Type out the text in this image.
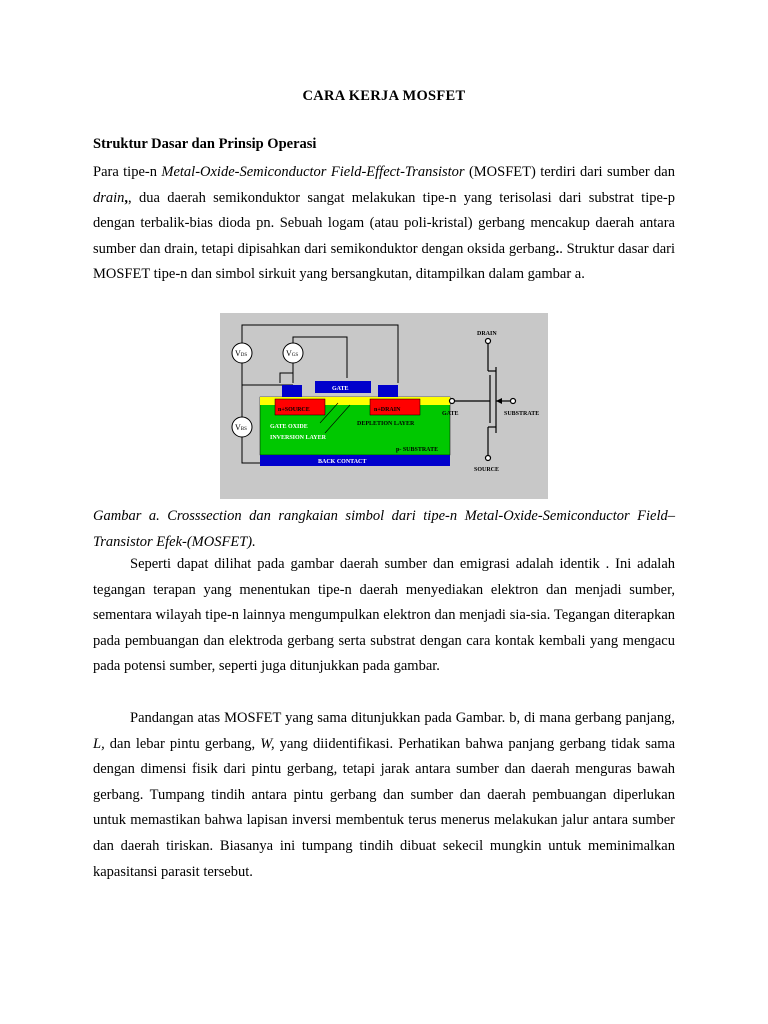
CARA KERJA MOSFET
Struktur Dasar dan Prinsip Operasi

Para tipe-n Metal-Oxide-Semiconductor Field-Effect-Transistor (MOSFET) terdiri dari sumber dan drain,, dua daerah semikonduktor sangat melakukan tipe-n yang terisolasi dari substrat tipe-p dengan terbalik-bias dioda pn. Sebuah logam (atau poli-kristal) gerbang mencakup daerah antara sumber dan drain, tetapi dipisahkan dari semikonduktor dengan oksida gerbang.. Struktur dasar dari MOSFET tipe-n dan simbol sirkuit yang bersangkutan, ditampilkan dalam gambar a.

VDS	VGS
VBS
GATE
n+SOURCE	n+DRAIN
GATE OXIDE	DEPLETION LAYER
INVERSION LAYER
p- SUBSTRATE
BACK CONTACT
DRAIN
GATE	SUBSTRATE
SOURCE

Gambar a. Crosssection dan rangkaian simbol dari tipe-n Metal-Oxide-Semiconductor Field–Transistor Efek-(MOSFET).

Seperti dapat dilihat pada gambar daerah sumber dan emigrasi adalah identik . Ini adalah tegangan terapan yang menentukan tipe-n daerah menyediakan elektron dan menjadi sumber, sementara wilayah tipe-n lainnya mengumpulkan elektron dan menjadi sia-sia. Tegangan diterapkan pada pembuangan dan elektroda gerbang serta substrat dengan cara kontak kembali yang mengacu pada potensi sumber, seperti juga ditunjukkan pada gambar.

Pandangan atas MOSFET yang sama ditunjukkan pada Gambar. b, di mana gerbang panjang, L, dan lebar pintu gerbang, W, yang diidentifikasi. Perhatikan bahwa panjang gerbang tidak sama dengan dimensi fisik dari pintu gerbang, tetapi jarak antara sumber dan daerah menguras bawah gerbang. Tumpang tindih antara pintu gerbang dan sumber dan daerah pembuangan diperlukan untuk memastikan bahwa lapisan inversi membentuk terus menerus melakukan jalur antara sumber dan daerah tiriskan. Biasanya ini tumpang tindih dibuat sekecil mungkin untuk meminimalkan kapasitansi parasit tersebut.
